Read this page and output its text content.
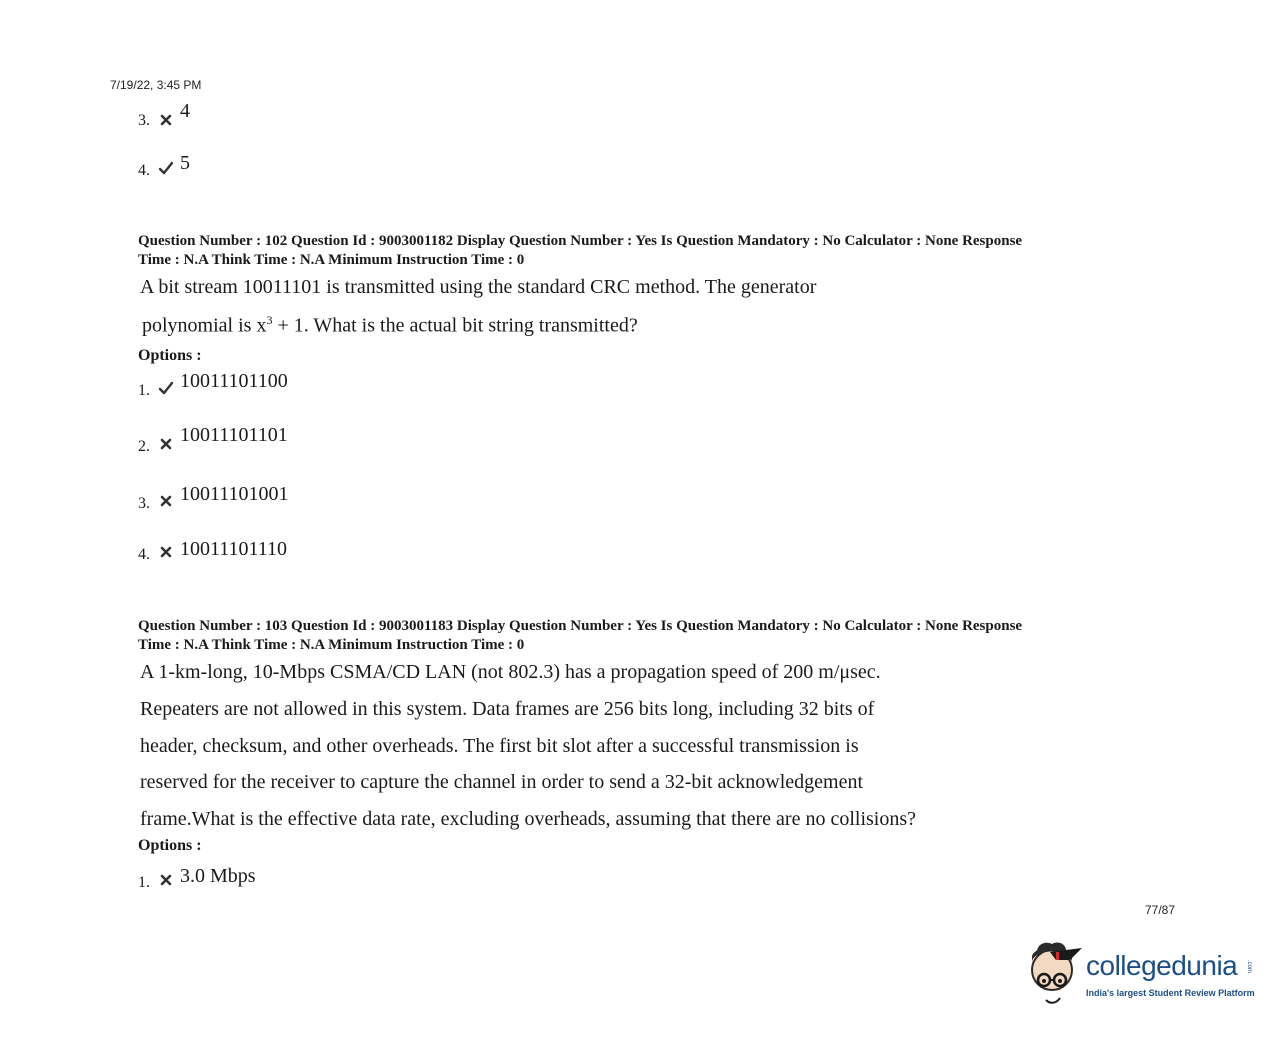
7/19/22, 3:45 PM
3. 4
4. 5
Question Number : 102 Question Id : 9003001182 Display Question Number : Yes Is Question Mandatory : No Calculator : None Response
Time : N.A Think Time : N.A Minimum Instruction Time : 0
A bit stream 10011101 is transmitted using the standard CRC method. The generator
polynomial is $x^3 + 1$. What is the actual bit string transmitted?
Options :
1. 10011101100
2.
10011101101
3. 10011101001
4. 10011101110
Question Number : 103 Question Id : 9003001183 Display Question Number : Yes Is Question Mandatory : No Calculator : None Response
Time : N.A Think Time : N.A Minimum Instruction Time : 0
A 1-km-long, 10-Mbps CSMA/CD LAN (not 802.3) has a propagation speed of 200 m/μsec.
Repeaters are not allowed in this system. Data frames are 256 bits long, including 32 bits of
header, checksum, and other overheads. The first bit slot after a successful transmission is
reserved for the receiver to capture the channel in order to send a 32-bit acknowledgement
frame.What is the effective data rate, excluding overheads, assuming that there are no collisions?
Options :
1. 3.0 Mbps
77/87
collegedunia .com
India's largest Student Review Platform
